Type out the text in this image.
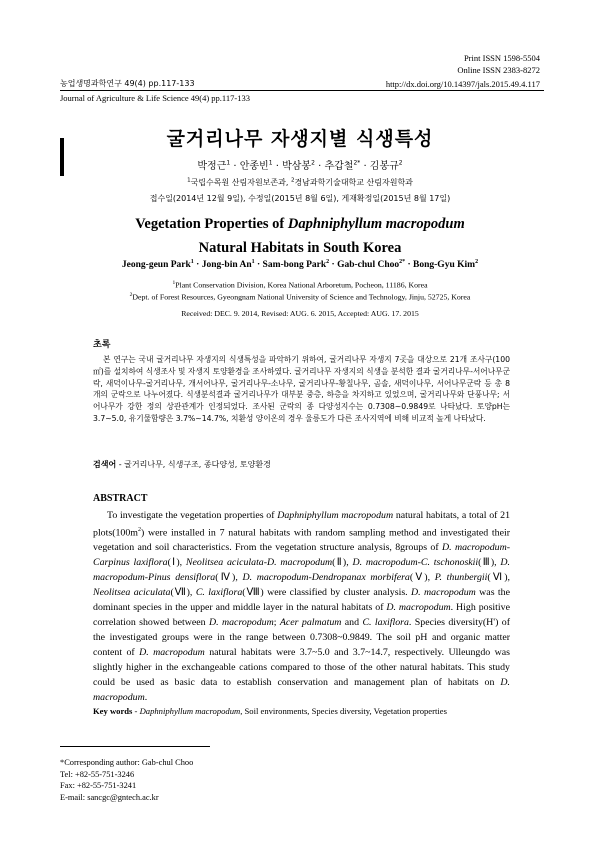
Print ISSN 1598-5504
Online ISSN 2383-8272
농업생명과학연구 49(4) pp.117-133	http://dx.doi.org/10.14397/jals.2015.49.4.117
Journal of Agriculture & Life Science 49(4) pp.117-133
굴거리나무 자생지별 식생특성
박정근$^1$ · 안종빈$^1$ · 박삼봉$^2$ · 추갑철$^{2*}$ · 김봉규$^2$
$^1$국립수목원 산림자원보존과, $^2$경남과학기술대학교 산림자원학과
접수일(2014년 12월 9일), 수정일(2015년 8월 6일), 게재확정일(2015년 8월 17일)
Vegetation Properties of Daphniphyllum macropodum
Natural Habitats in South Korea
Jeong-geun Park$^1$ · Jong-bin $An^1$ · Sam-bong Park$^2$ · Gab-chul Choo$^{2*}$ · Bong-Gyu Kim$^2$
$^1$Plant Conservation Division, Korea National Arboretum, Pocheon, 11186, Korea
$^2$Dept. of Forest Resources, Gyeongnam National University of Science and Technology, Jinju, 52725, Korea
Received: DEC. 9. 2014, Revised: AUG. 6. 2015, Accepted: AUG. 17. 2015
초록

본 연구는 국내 굴거리나무 자생지의 식생특성을 파악하기 위하여, 굴거리나무 자생지 7곳을 대상으로 21개 조사구(100㎡)를 설치하여 식생조사 및 자생지 토양환경을 조사하였다. 굴거리나무 자생지의 식생을 분석한 결과 굴거리나무-서어나무군락, 새덕이나무-굴거리나무, 개서어나무, 굴거리나무-소나무, 굴거리나무-황칠나무, 곰솔, 새덕이나무, 서어나무군락 등 총 8개의 군락으로 나누어졌다. 식생분석결과 굴거리나무가 대부분 중층, 하층을 차지하고 있었으며, 굴거리나무와 단풍나무; 서어나무가 강한 정의 상관관계가 인정되었다. 조사된 군락의 종 다양성지수는 0.7308~0.9849로 나타났다. 토양pH는 3.7~5.0, 유기물함량은 3.7%~14.7%, 치환성 양이온의 경우 울릉도가 다른 조사지역에 비해 비교적 높게 나타났다.

검색어 - 굴거리나무, 식생구조, 종다양성, 토양환경
ABSTRACT

To investigate the vegetation properties of Daphniphyllum macropodum natural habitats, a total of 21 $plots(100m^2)$ were installed in 7 natural habitats with random sampling method and investigated their vegetation and soil characteristics. From the vegetation structure analysis, 8groups of D. macropodum-Carpinus laxiflora(Ⅰ), Neolitsea aciculata-D. macropodum(Ⅱ), D. macropodum-C. tschonoskii(Ⅲ), D. macropodum-Pinus densiflora(Ⅳ), D. macropodum-Dendropanax morbifera(Ⅴ), P. thunbergii(Ⅵ), Neolitsea aciculata(Ⅶ), C. laxiflora(Ⅷ) were classified by cluster analysis. D. macropodum was the dominant species in the upper and middle layer in the natural habitats of D. macropodum. High positive correlation showed between D. macropodum; Acer palmatum and C. laxiflora. Species diversity(H') of the investigated groups were in the range between 0.7308~0.9849. The soil pH and organic matter content of D. macropodum natural habitats were 3.7~5.0 and 3.7~14.7, respectively. Ulleungdo was slightly higher in the exchangeable cations compared to those of the other natural habitats. This study could be used as basic data to establish conservation and management plan of habitats on D. macropodum.

Key words - Daphniphyllum macropodum, Soil environments, Species diversity, Vegetation properties
*Corresponding author: Gab-chul Choo
Tel: +82-55-751-3246
Fax: +82-55-751-3241
E-mail: sancgc@gntech.ac.kr
